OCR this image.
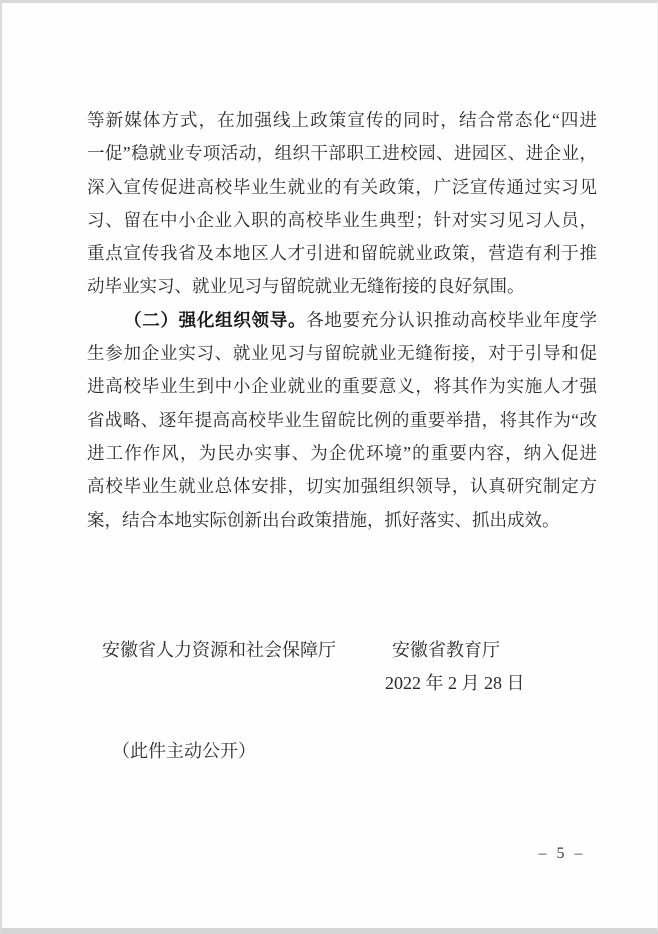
等新媒体方式，在加强线上政策宣传的同时，结合常态化“四进
一促”稳就业专项活动，组织干部职工进校园、进园区、进企业，
深入宣传促进高校毕业生就业的有关政策，广泛宣传通过实习见
习、留在中小企业入职的高校毕业生典型；针对实习见习人员，
重点宣传我省及本地区人才引进和留皖就业政策，营造有利于推
动毕业实习、就业见习与留皖就业无缝衔接的良好氛围。
（二）强化组织领导。各地要充分认识推动高校毕业年度学
生参加企业实习、就业见习与留皖就业无缝衔接，对于引导和促
进高校毕业生到中小企业就业的重要意义，将其作为实施人才强
省战略、逐年提高高校毕业生留皖比例的重要举措，将其作为“改
进工作作风，为民办实事、为企优环境”的重要内容，纳入促进
高校毕业生就业总体安排，切实加强组织领导，认真研究制定方
案，结合本地实际创新出台政策措施，抓好落实、抓出成效。
安徽省人力资源和社会保障厅	安徽省教育厅
2022 年 2 月 28 日
（此件主动公开）
– 5 –
